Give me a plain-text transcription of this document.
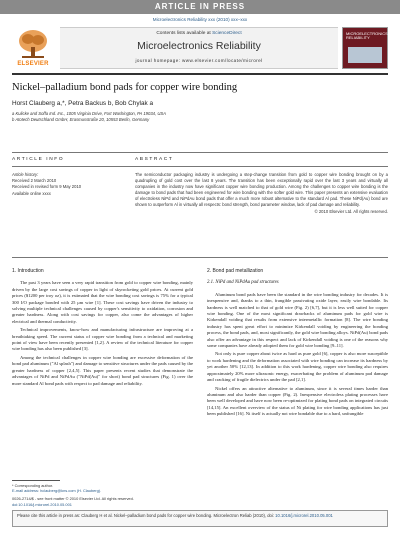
ARTICLE IN PRESS
Microelectronics Reliability xxx (2010) xxx–xxx
ELSEVIER
Contents lists available at ScienceDirect
Microelectronics Reliability
journal homepage: www.elsevier.com/locate/microrel
MICROELECTRONICS RELIABILITY
Nickel–palladium bond pads for copper wire bonding
Horst Clauberg a,*, Petra Backus b, Bob Chylak a
a Kulicke and Soffa Ind. Inc., 1005 Virginia Drive, Fort Washington, PA 19034, USA
b Atotech Deutschland GmbH, Erasmusstraße 20, 10553 Berlin, Germany
ARTICLE INFO	ABSTRACT
Article history:
Received 2 March 2010
Received in revised form 9 May 2010
Available online xxxx
The semiconductor packaging industry is undergoing a step-change transition from gold to copper wire bonding brought on by a quadrupling of gold cost over the last 8 years. The transition has been exceptionally rapid over the last 3 years and virtually all companies in the industry now have significant copper wire bonding production. Among the challenges to copper wire bonding is the damage to bond pads that had been engineered for wire bonding with the softer gold wire. This paper presents an extensive evaluation of electroless NiPd and NiPdAu bond pads that offer a much more robust alternative to the standard Al pad. These NiPd(Au) bond are shown to outperform Al in virtually all respects: bond strength, bond parameter window, lack of pad damage and reliability.
© 2010 Elsevier Ltd. All rights reserved.
1. Introduction

The past 3 years have seen a very rapid transition from gold to copper wire bonding, mainly driven by the large cost savings of copper in light of skyrocketing gold prices. At current gold prices ($1200 per troy oz), it is estimated that the wire bonding cost savings is 75% for a typical 300 I/O package bonded with 25 μm wire [1]. These cost savings have driven the industry to solving multiple technical challenges caused by copper's sensitivity to oxidation, corrosion and greater hardness. Along with cost savings for copper, also come the advantages of higher electrical and thermal conductivity.

Technical improvements, know-how and manufacturing infrastructure are improving at a breathtaking speed. The current status of copper wire bonding from a technical and marketing point of view have been recently presented [1,2]. A review of the technical literature for copper wire bonding has also been published [3].

Among the technical challenges in copper wire bonding are excessive deformation of the bond pad aluminum ("Al splash") and damage to sensitive structures under the pads caused by the greater hardness of copper [2,4,5]. This paper presents recent studies that demonstrate the advantages of NiPd and NiPdAu ("NiPd(Au)" for short) bond pad structures (Fig. 1) over the more standard Al bond pads with respect to pad damage and reliability.

2. Bond pad metallization
2.1. NiPd and NiPdAu pad structures

Aluminum bond pads have been the standard in the wire bonding industry for decades. It is inexpensive and, thanks to a thin, frangible passivating oxide layer, easily wire bondable. Its hardness is well matched to that of gold wire (Fig. 2) [6,7], but it is less well suited for copper wire bonding. One of the most significant drawbacks of aluminum pads for gold wire is Kirkendall voiding that results from extensive intermetallic formation [8]. The wire bonding industry has spent great effort to minimize Kirkendall voiding by engineering the bonding process, the bond pads, and, most significantly, the gold wire bonding alloys. NiPd(Au) bond pads also offer an advantage in this respect and lack of Kirkendall voiding is one of the reasons why some companies have already adopted them for gold wire bonding [9–11].

Not only is pure copper about twice as hard as pure gold [6], copper is also more susceptible to work hardening and the deformation associated with wire bonding can increase its hardness by yet another 50% [12,13]. In addition to this work hardening, copper wire bonding also requires approximately 20% more ultrasonic energy, exacerbating the problem of aluminum pad damage and cracking of fragile dielectrics under the pad [2,1].

Nickel offers an attractive alternative to aluminum, since it is several times harder than aluminum and also harder than copper (Fig. 2). Inexpensive electroless plating processes have been well developed and have now been re-optimized for plating bond pads on integrated circuits [14,15]. An excellent overview of the status of Ni plating for wire bonding applications has just been published [16]. Ni itself is actually not wire bondable due to a hard, unfrangible

* Corresponding author.
E-mail address: hclauberg@kns.com (H. Clauberg).
0026-2714/$ - see front matter © 2010 Elsevier Ltd. All rights reserved.
doi:10.1016/j.microrel.2010.05.001
Please cite this article in press as: Clauberg H et al. Nickel–palladium bond pads for copper wire bonding. Microelectron Reliab (2010), doi: 10.1016/j.microrel.2010.05.001
